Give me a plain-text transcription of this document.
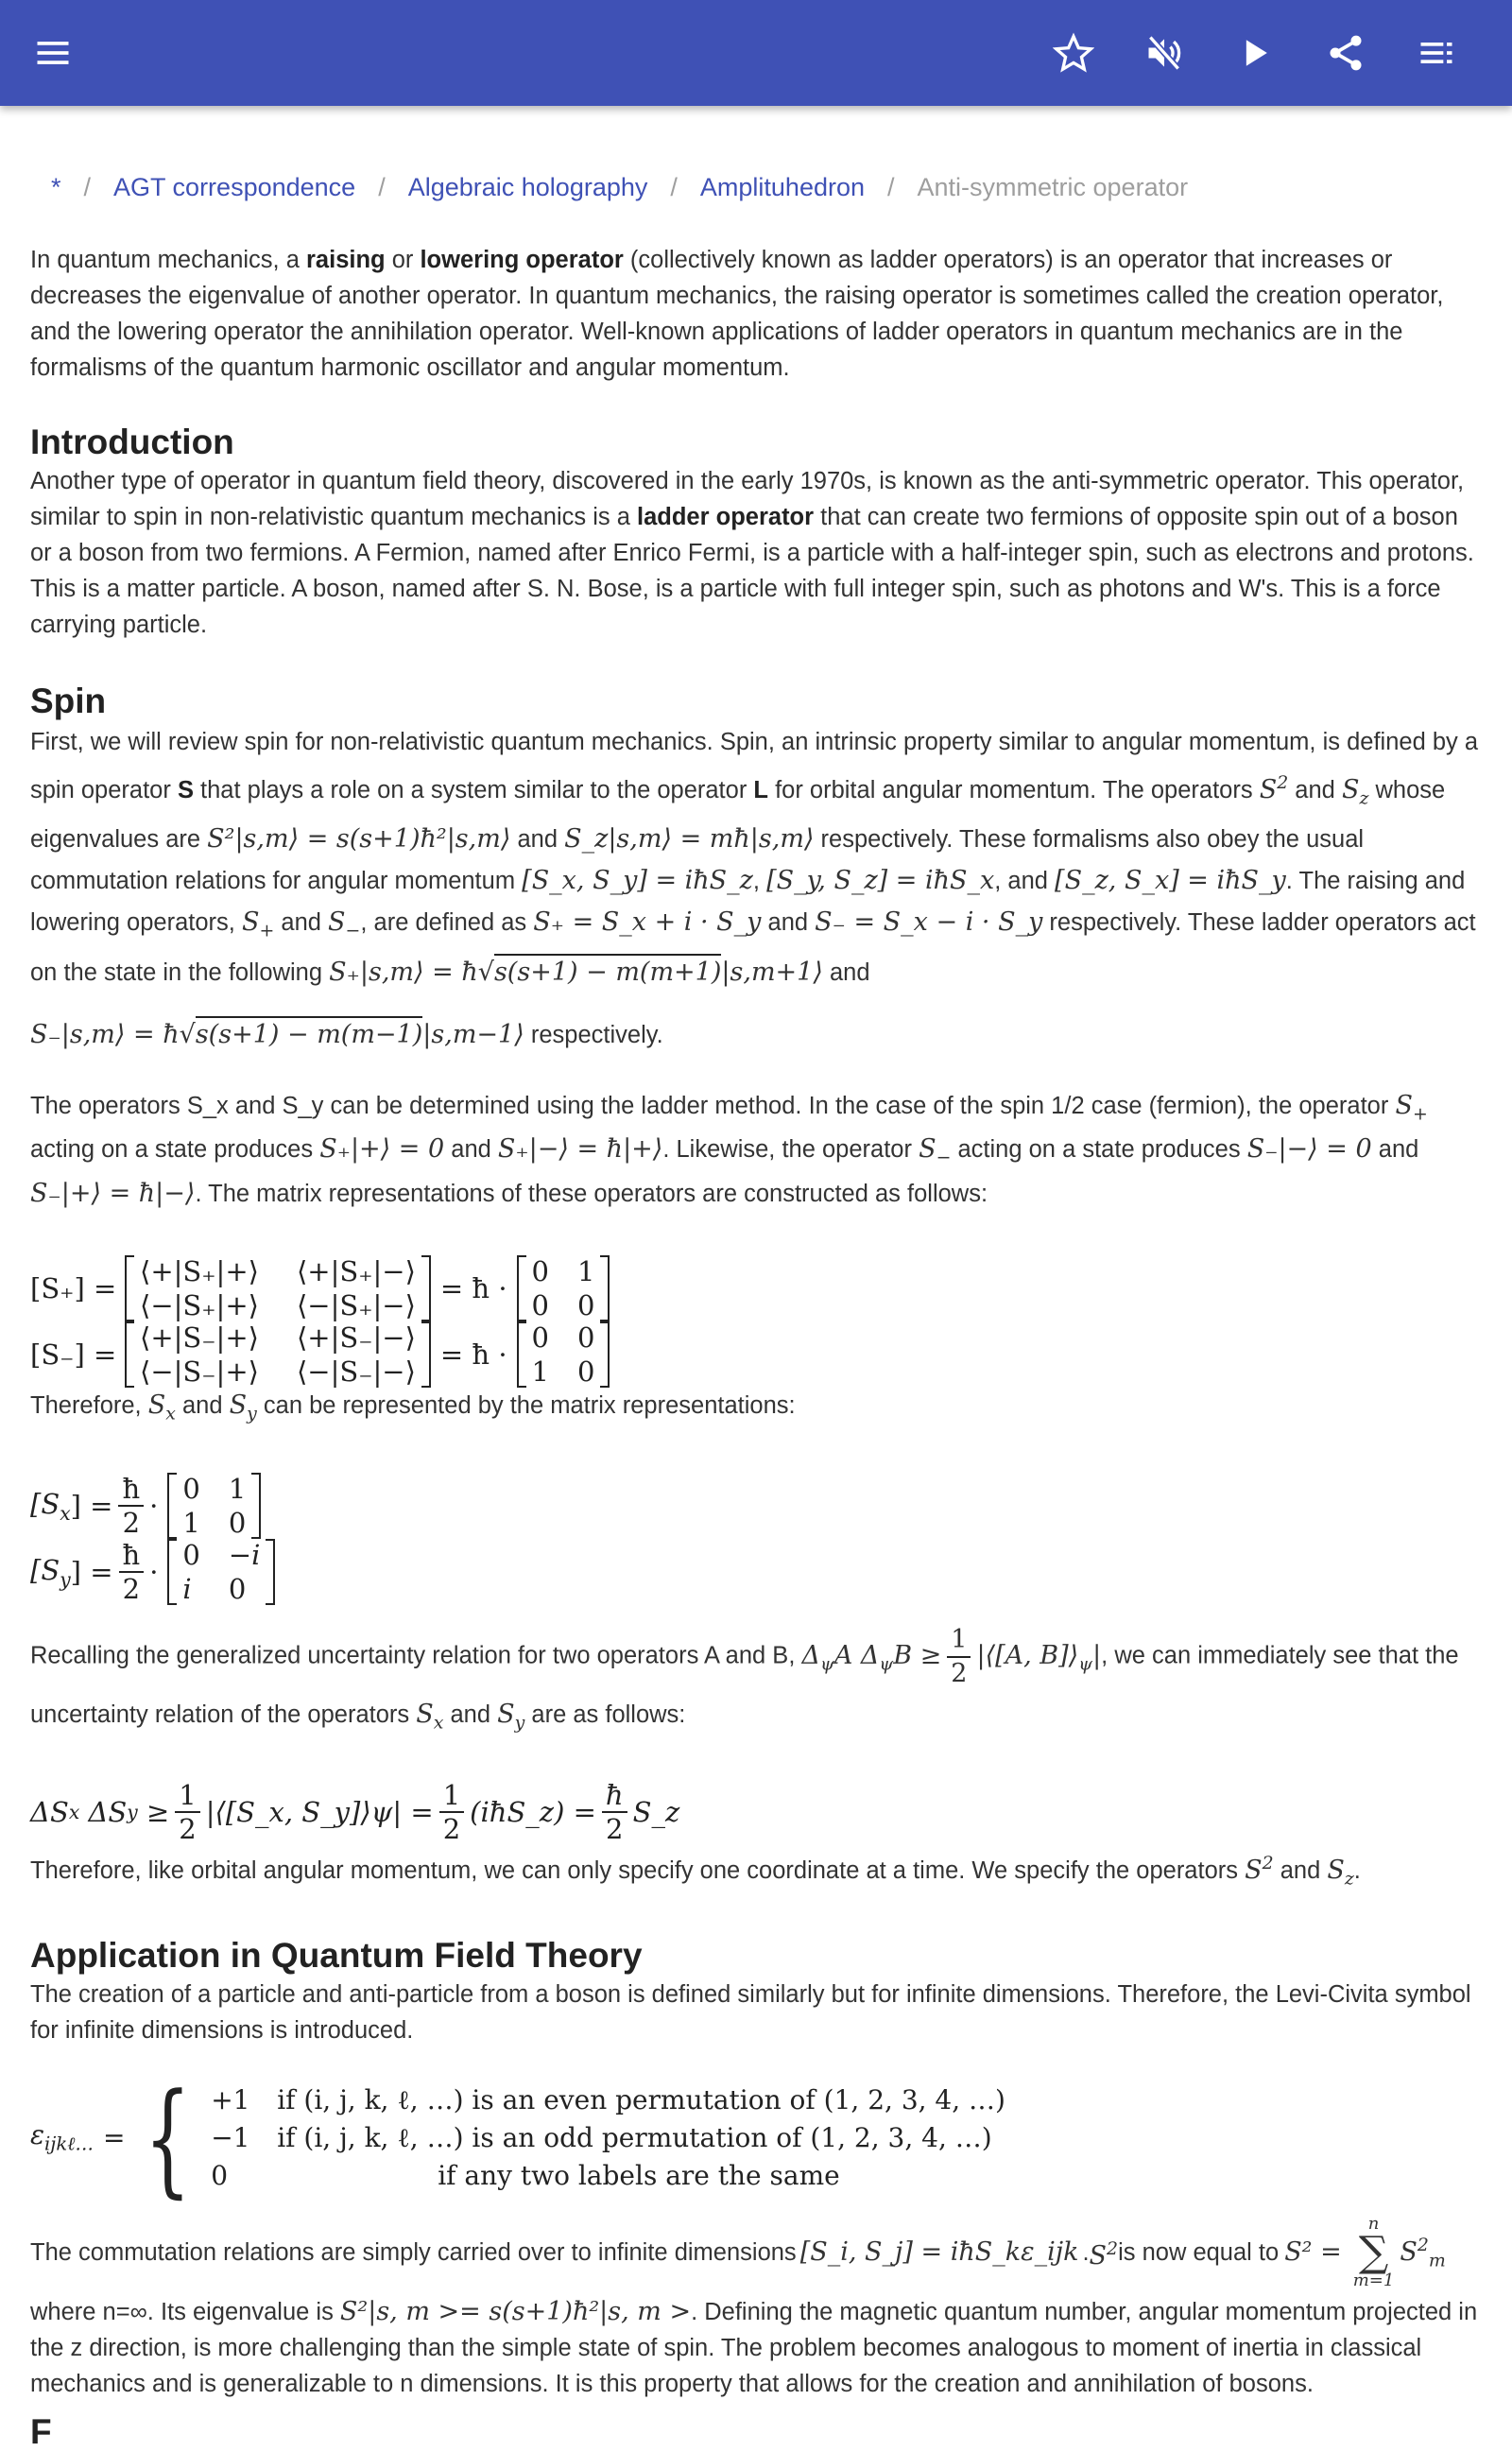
* / AGT correspondence / Algebraic holography / Amplituhedron / Anti-symmetric operator

In quantum mechanics, a raising or lowering operator (collectively known as ladder operators) is an operator that increases or decreases the eigenvalue of another operator. In quantum mechanics, the raising operator is sometimes called the creation operator, and the lowering operator the annihilation operator. Well-known applications of ladder operators in quantum mechanics are in the formalisms of the quantum harmonic oscillator and angular momentum.

Introduction

Another type of operator in quantum field theory, discovered in the early 1970s, is known as the anti-symmetric operator. This operator, similar to spin in non-relativistic quantum mechanics is a ladder operator that can create two fermions of opposite spin out of a boson or a boson from two fermions. A Fermion, named after Enrico Fermi, is a particle with a half-integer spin, such as electrons and protons. This is a matter particle. A boson, named after S. N. Bose, is a particle with full integer spin, such as photons and W's. This is a force carrying particle.

Spin

First, we will review spin for non-relativistic quantum mechanics. Spin, an intrinsic property similar to angular momentum, is defined by a spin operator S that plays a role on a system similar to the operator L for orbital angular momentum. The operators $S^2$ and $S_z$ whose eigenvalues are S²|s,m⟩ = s(s+1)ħ²|s,m⟩ and S_z|s,m⟩ = mħ|s,m⟩ respectively. These formalisms also obey the usual commutation relations for angular momentum [S_x, S_y] = iħS_z, [S_y, S_z] = iħS_x, and [S_z, S_x] = iħS_y. The raising and lowering operators, $S_+$ and $S_-$, are defined as S₊ = S_x + i · S_y and S₋ = S_x − i · S_y respectively. These ladder operators act on the state in the following S₊|s,m⟩ = ħ√s(s+1) − m(m+1)|s,m+1⟩ and

S₋|s,m⟩ = ħ√s(s+1) − m(m−1)|s,m−1⟩ respectively.

The operators S_x and S_y can be determined using the ladder method. In the case of the spin 1/2 case (fermion), the operator $S_+$ acting on a state produces S₊|+⟩ = 0 and S₊|−⟩ = ħ|+⟩. Likewise, the operator $S_-$ acting on a state produces S₋|−⟩ = 0 and S₋|+⟩ = ħ|−⟩. The matrix representations of these operators are constructed as follows:

[S₊] =
⟨+|S₊|+⟩ ⟨+|S₊|−⟩
⟨−|S₊|+⟩ ⟨−|S₊|−⟩
= ħ ·
0 1
0 0
[S₋] =
⟨+|S₋|+⟩ ⟨+|S₋|−⟩
⟨−|S₋|+⟩ ⟨−|S₋|−⟩
= ħ ·
0 0
1 0

Therefore, $S_x$ and $S_y$ can be represented by the matrix representations:

[$S_x$ ] = $\frac{ħ}{2}$ ·
0 1
1 0
[$S_y$ ] = $\frac{ħ}{2}$ ·
0 −i
i	0

Recalling the generalized uncertainty relation for two operators A and B, $\Delta_\psi A$ $\Delta_\psi B \ge \frac{1}{2}$ |⟨[A, $B]⟩_\psi|$, we can immediately see that the uncertainty relation of the operators $S_x$ and $S_y$ are as follows:

ΔS x
ΔS $y \ge \frac{1}{2}$ |⟨[S_x, S_y]⟩ψ| = $\frac{1}{2}$ (iħS_z) = $\frac{ħ}{2}$ S_z

Therefore, like orbital angular momentum, we can only specify one coordinate at a time. We specify the operators $S^2$ and $S_z$.

Application in Quantum Field Theory

The creation of a particle and anti-particle from a boson is defined similarly but for infinite dimensions. Therefore, the Levi-Civita symbol for infinite dimensions is introduced.

$\varepsilon_{ijk\ell\dots}$ = { +1	if (i, j, k, ℓ, …) is an even permutation of (1, 2, 3, 4, …)
−1	if (i, j, k, ℓ, …) is an odd permutation of (1, 2, 3, 4, …)
0	if any two labels are the same

The commutation relations are simply carried over to infinite dimensions [S_i, S_j] = iħS_kε_ijk . $S^2$ is now equal to S² =
n
∑
m=1
$S^2_m$

where n=∞. Its eigenvalue is S²|s, m >= s(s+1)ħ²|s, m >. Defining the magnetic quantum number, angular momentum projected in the z direction, is more challenging than the simple state of spin. The problem becomes analogous to moment of inertia in classical mechanics and is generalizable to n dimensions. It is this property that allows for the creation and annihilation of bosons.

F
